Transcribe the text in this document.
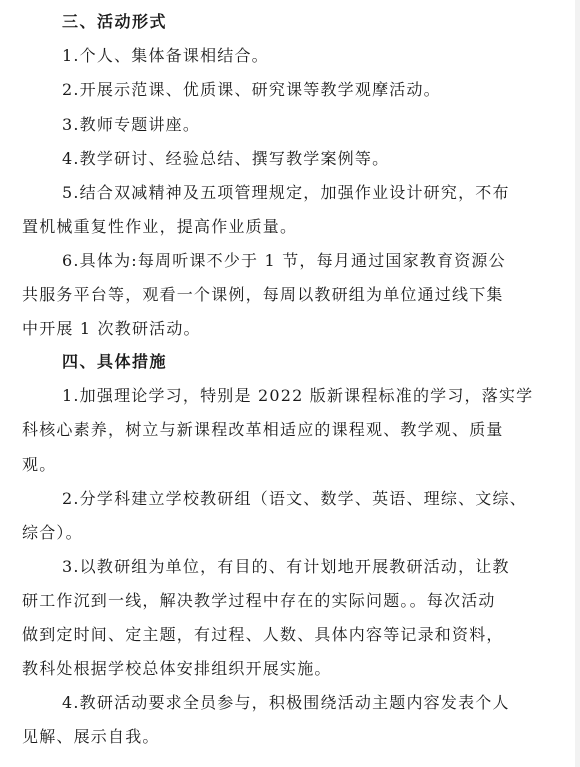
三、活动形式
1.个人、集体备课相结合。
2.开展示范课、优质课、研究课等教学观摩活动。
3.教师专题讲座。
4.教学研讨、经验总结、撰写教学案例等。
5.结合双减精神及五项管理规定，加强作业设计研究，不布
置机械重复性作业，提高作业质量。
6.具体为:每周听课不少于 1 节，每月通过国家教育资源公
共服务平台等，观看一个课例，每周以教研组为单位通过线下集
中开展 1 次教研活动。
四、具体措施
1.加强理论学习，特别是 2022 版新课程标准的学习，落实学
科核心素养，树立与新课程改革相适应的课程观、教学观、质量
观。
2.分学科建立学校教研组（语文、数学、英语、理综、文综、
综合）。
3.以教研组为单位，有目的、有计划地开展教研活动，让教
研工作沉到一线，解决教学过程中存在的实际问题。。每次活动
做到定时间、定主题，有过程、人数、具体内容等记录和资料，
教科处根据学校总体安排组织开展实施。
4.教研活动要求全员参与，积极围绕活动主题内容发表个人
见解、展示自我。
